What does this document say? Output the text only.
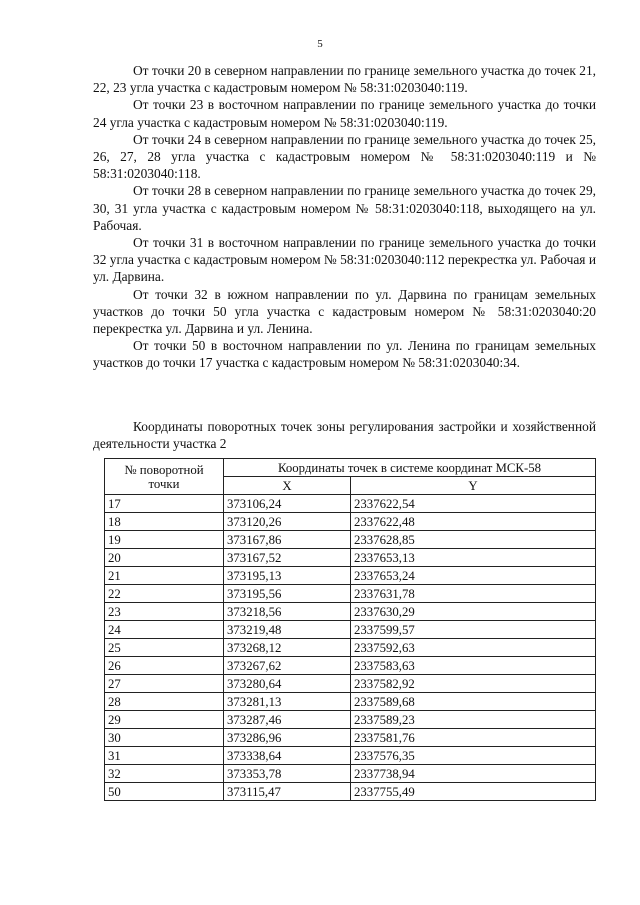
5

От точки 20 в северном направлении по границе земельного участка до точек 21, 22, 23 угла участка с кадастровым номером № 58:31:0203040:119.

От точки 23 в восточном направлении по границе земельного участка до точки 24 угла участка с кадастровым номером № 58:31:0203040:119.

От точки 24 в северном направлении по границе земельного участка до точек 25, 26, 27, 28 угла участка с кадастровым номером № 58:31:0203040:119 и № 58:31:0203040:118.

От точки 28 в северном направлении по границе земельного участка до точек 29, 30, 31 угла участка с кадастровым номером № 58:31:0203040:118, выходящего на ул. Рабочая.

От точки 31 в восточном направлении по границе земельного участка до точки 32 угла участка с кадастровым номером № 58:31:0203040:112 перекрестка ул. Рабочая и ул. Дарвина.

От точки 32 в южном направлении по ул. Дарвина по границам земельных участков до точки 50 угла участка с кадастровым номером № 58:31:0203040:20 перекрестка ул. Дарвина и ул. Ленина.

От точки 50 в восточном направлении по ул. Ленина по границам земельных участков до точки 17 участка с кадастровым номером № 58:31:0203040:34.

Координаты поворотных точек зоны регулирования застройки и хозяйственной деятельности участка 2

№ поворотной точки	Координаты точек в системе координат МСК-58	
	X	Y
17	373106,24	2337622,54
18	373120,26	2337622,48
19	373167,86	2337628,85
20	373167,52	2337653,13
21	373195,13	2337653,24
22	373195,56	2337631,78
23	373218,56	2337630,29
24	373219,48	2337599,57
25	373268,12	2337592,63
26	373267,62	2337583,63
27	373280,64	2337582,92
28	373281,13	2337589,68
29	373287,46	2337589,23
30	373286,96	2337581,76
31	373338,64	2337576,35
32	373353,78	2337738,94
50	373115,47	2337755,49
